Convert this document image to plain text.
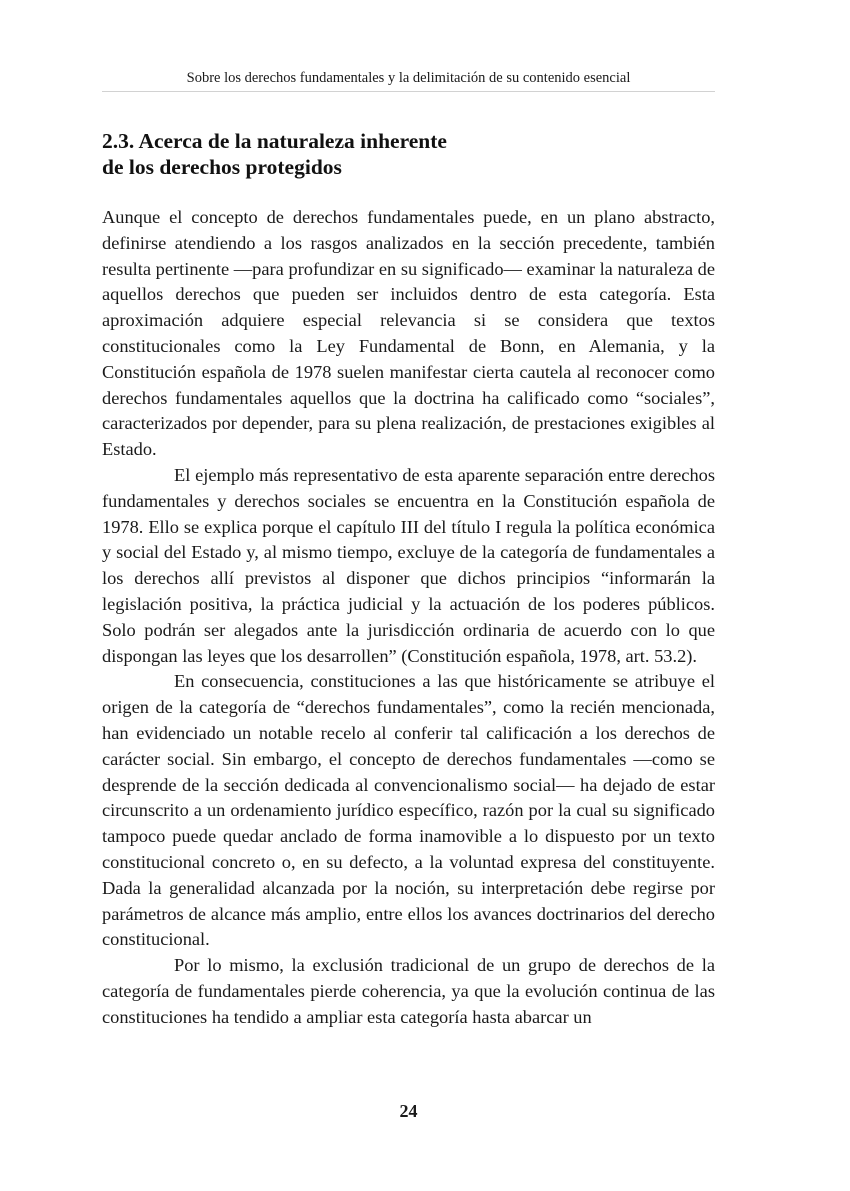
Sobre los derechos fundamentales y la delimitación de su contenido esencial
2.3. Acerca de la naturaleza inherente
de los derechos protegidos

Aunque el concepto de derechos fundamentales puede, en un plano abstracto, definirse atendiendo a los rasgos analizados en la sección precedente, también resulta pertinente —para profundizar en su significado— examinar la naturaleza de aquellos derechos que pueden ser incluidos dentro de esta categoría. Esta aproximación adquiere especial relevancia si se considera que textos constitucionales como la Ley Fundamental de Bonn, en Alemania, y la Constitución española de 1978 suelen manifestar cierta cautela al reconocer como derechos fundamentales aquellos que la doctrina ha calificado como “sociales”, caracterizados por depender, para su plena realización, de prestaciones exigibles al Estado.

El ejemplo más representativo de esta aparente separación entre derechos fundamentales y derechos sociales se encuentra en la Constitución española de 1978. Ello se explica porque el capítulo III del título I regula la política económica y social del Estado y, al mismo tiempo, excluye de la categoría de fundamentales a los derechos allí previstos al disponer que dichos principios “informarán la legislación positiva, la práctica judicial y la actuación de los poderes públicos. Solo podrán ser alegados ante la jurisdicción ordinaria de acuerdo con lo que dispongan las leyes que los desarrollen” (Constitución española, 1978, art. 53.2).

En consecuencia, constituciones a las que históricamente se atribuye el origen de la categoría de “derechos fundamentales”, como la recién mencionada, han evidenciado un notable recelo al conferir tal calificación a los derechos de carácter social. Sin embargo, el concepto de derechos fundamentales —como se desprende de la sección dedicada al convencionalismo social— ha dejado de estar circunscrito a un ordenamiento jurídico específico, razón por la cual su significado tampoco puede quedar anclado de forma inamovible a lo dispuesto por un texto constitucional concreto o, en su defecto, a la voluntad expresa del constituyente. Dada la generalidad alcanzada por la noción, su interpretación debe regirse por parámetros de alcance más amplio, entre ellos los avances doctrinarios del derecho constitucional.

Por lo mismo, la exclusión tradicional de un grupo de derechos de la categoría de fundamentales pierde coherencia, ya que la evolución continua de las constituciones ha tendido a ampliar esta categoría hasta abarcar un

24
